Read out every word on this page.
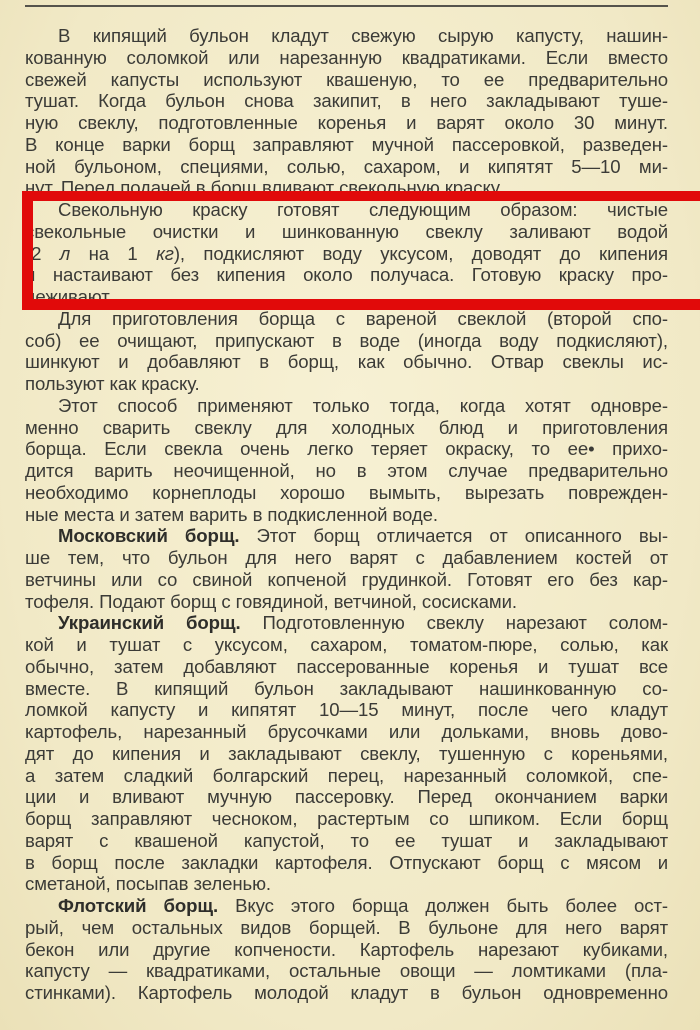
В кипящий бульон кладут свежую сырую капусту, нашин-
кованную соломкой или нарезанную квадратиками. Если вместо
свежей капусты используют квашеную, то ее предварительно
тушат. Когда бульон снова закипит, в него закладывают туше-
ную свеклу, подготовленные коренья и варят около 30 минут.
В конце варки борщ заправляют мучной пассеровкой, разведен-
ной бульоном, специями, солью, сахаром, и кипятят 5—10 ми-
нут. Перед подачей в борщ вливают свекольную краску.
Свекольную краску готовят следующим образом: чистые
свекольные очистки и шинкованную свеклу заливают водой
(2 л на 1 кг), подкисляют воду уксусом, доводят до кипения
и настаивают без кипения около получаса. Готовую краску про-
цеживают.
Для приготовления борща с вареной свеклой (второй спо-
соб) ее очищают, припускают в воде (иногда воду подкисляют),
шинкуют и добавляют в борщ, как обычно. Отвар свеклы ис-
пользуют как краску.
Этот способ применяют только тогда, когда хотят одновре-
менно сварить свеклу для холодных блюд и приготовления
борща. Если свекла очень легко теряет окраску, то ее• прихо-
дится варить неочищенной, но в этом случае предварительно
необходимо корнеплоды хорошо вымыть, вырезать поврежден-
ные места и затем варить в подкисленной воде.
Московский борщ. Этот борщ отличается от описанного вы-
ше тем, что бульон для него варят с дабавлением костей от
ветчины или со свиной копченой грудинкой. Готовят его без кар-
тофеля. Подают борщ с говядиной, ветчиной, сосисками.
Украинский борщ. Подготовленную свеклу нарезают солом-
кой и тушат с уксусом, сахаром, томатом-пюре, солью, как
обычно, затем добавляют пассерованные коренья и тушат все
вместе. В кипящий бульон закладывают нашинкованную со-
ломкой капусту и кипятят 10—15 минут, после чего кладут
картофель, нарезанный брусочками или дольками, вновь дово-
дят до кипения и закладывают свеклу, тушенную с кореньями,
а затем сладкий болгарский перец, нарезанный соломкой, спе-
ции и вливают мучную пассеровку. Перед окончанием варки
борщ заправляют чесноком, растертым со шпиком. Если борщ
варят с квашеной капустой, то ее тушат и закладывают
в борщ после закладки картофеля. Отпускают борщ с мясом и
сметаной, посыпав зеленью.
Флотский борщ. Вкус этого борща должен быть более ост-
рый, чем остальных видов борщей. В бульоне для него варят
бекон или другие копчености. Картофель нарезают кубиками,
капусту — квадратиками, остальные овощи — ломтиками (пла-
стинками). Картофель молодой кладут в бульон одновременно
